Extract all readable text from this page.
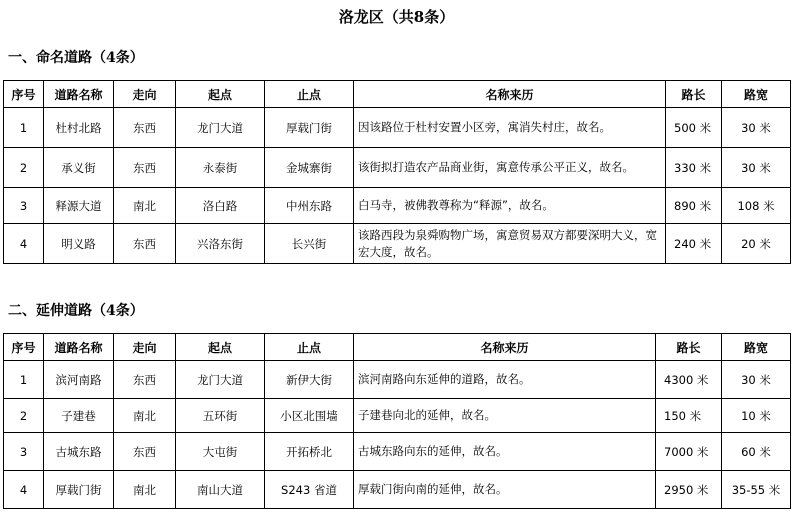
洛龙区（共8条）
一、命名道路（4条）
序号	道路名称	走向	起点	止点	名称来历	路长	路宽
1	杜村北路	东西	龙门大道	厚载门街	因该路位于杜村安置小区旁，寓消失村庄，故名。	500 米	30 米
2	承义街	东西	永泰街	金城寨街	该街拟打造农产品商业街，寓意传承公平正义，故名。	330 米	30 米
3	释源大道	南北	洛白路	中州东路	白马寺，被佛教尊称为“释源”，故名。	890 米	108 米
4	明义路	东西	兴洛东街	长兴街	该路西段为泉舜购物广场，寓意贸易双方都要深明大义，宽宏大度，故名。	240 米	20 米
二、延伸道路（4条）
序号	道路名称	走向	起点	止点	名称来历	路长	路宽
1	滨河南路	东西	龙门大道	新伊大街	滨河南路向东延伸的道路，故名。	4300 米	30 米
2	子建巷	南北	五环街	小区北围墙	子建巷向北的延伸，故名。	150 米	10 米
3	古城东路	东西	大屯街	开拓桥北	古城东路向东的延伸，故名。	7000 米	60 米
4	厚载门街	南北	南山大道	S243 省道	厚载门街向南的延伸，故名。	2950 米	35-55 米
